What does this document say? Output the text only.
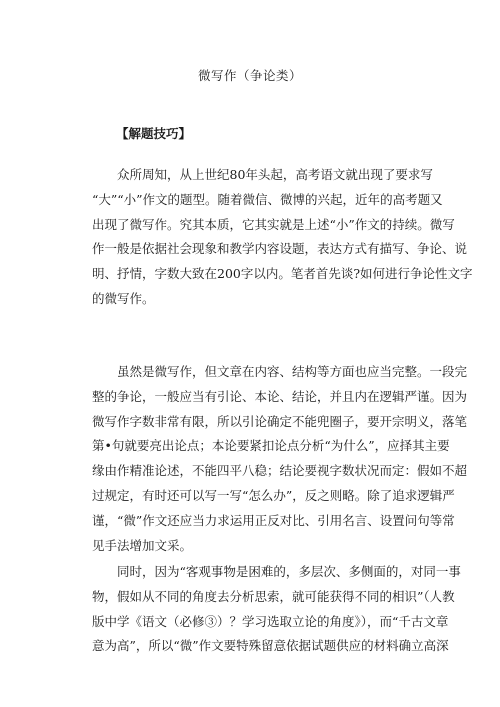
微写作（争论类）
【解题技巧】
　　众所周知，从上世纪80年头起，高考语文就出现了要求写
“大”“小”作文的题型。随着微信、微博的兴起，近年的高考题又
出现了微写作。究其本质，它其实就是上述“小”作文的持续。微写
作一般是依据社会现象和教学内容设题，表达方式有描写、争论、说
明、抒情，字数大致在200字以内。笔者首先谈?如何进行争论性文字
的微写作。
　　虽然是微写作，但文章在内容、结构等方面也应当完整。一段完
整的争论，一般应当有引论、本论、结论，并且内在逻辑严谨。因为
微写作字数非常有限，所以引论确定不能兜圈子，要开宗明义，落笔
第•句就要亮出论点；本论要紧扣论点分析“为什么”，应择其主要
缘由作精准论述，不能四平八稳；结论要视字数状况而定：假如不超
过规定，有时还可以写一写“怎么办”，反之则略。除了追求逻辑严
谨，“微”作文还应当力求运用正反对比、引用名言、设置问句等常
见手法增加文采。
　　同时，因为“客观事物是困难的，多层次、多侧面的，对同一事
物，假如从不同的角度去分析思索，就可能获得不同的相识”（人教
版中学《语文（必修③）？学习选取立论的角度》），而“千古文章
意为高”，所以“微”作文要特殊留意依据试题供应的材料确立高深
